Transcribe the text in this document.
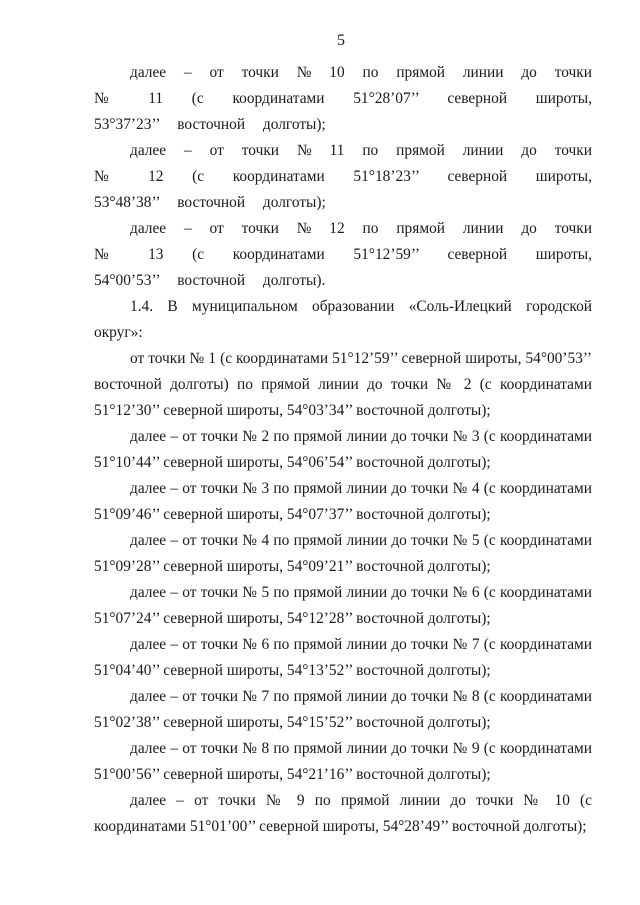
5

далее – от точки № 10 по прямой линии до точки № 11 (с координатами 51°28’07’’ северной широты, 53°37’23’’ восточной долготы);

далее – от точки № 11 по прямой линии до точки № 12 (с координатами 51°18’23’’ северной широты, 53°48’38’’ восточной долготы);

далее – от точки № 12 по прямой линии до точки № 13 (с координатами 51°12’59’’ северной широты, 54°00’53’’ восточной долготы).

1.4. В муниципальном образовании «Соль-Илецкий городской округ»:

от точки № 1 (с координатами 51°12’59’’ северной широты, 54°00’53’’ восточной долготы) по прямой линии до точки № 2 (с координатами 51°12’30’’ северной широты, 54°03’34’’ восточной долготы);

далее – от точки № 2 по прямой линии до точки № 3 (с координатами 51°10’44’’ северной широты, 54°06’54’’ восточной долготы);

далее – от точки № 3 по прямой линии до точки № 4 (с координатами 51°09’46’’ северной широты, 54°07’37’’ восточной долготы);

далее – от точки № 4 по прямой линии до точки № 5 (с координатами 51°09’28’’ северной широты, 54°09’21’’ восточной долготы);

далее – от точки № 5 по прямой линии до точки № 6 (с координатами 51°07’24’’ северной широты, 54°12’28’’ восточной долготы);

далее – от точки № 6 по прямой линии до точки № 7 (с координатами 51°04’40’’ северной широты, 54°13’52’’ восточной долготы);

далее – от точки № 7 по прямой линии до точки № 8 (с координатами 51°02’38’’ северной широты, 54°15’52’’ восточной долготы);

далее – от точки № 8 по прямой линии до точки № 9 (с координатами 51°00’56’’ северной широты, 54°21’16’’ восточной долготы);

далее – от точки № 9 по прямой линии до точки № 10 (с координатами 51°01’00’’ северной широты, 54°28’49’’ восточной долготы);
